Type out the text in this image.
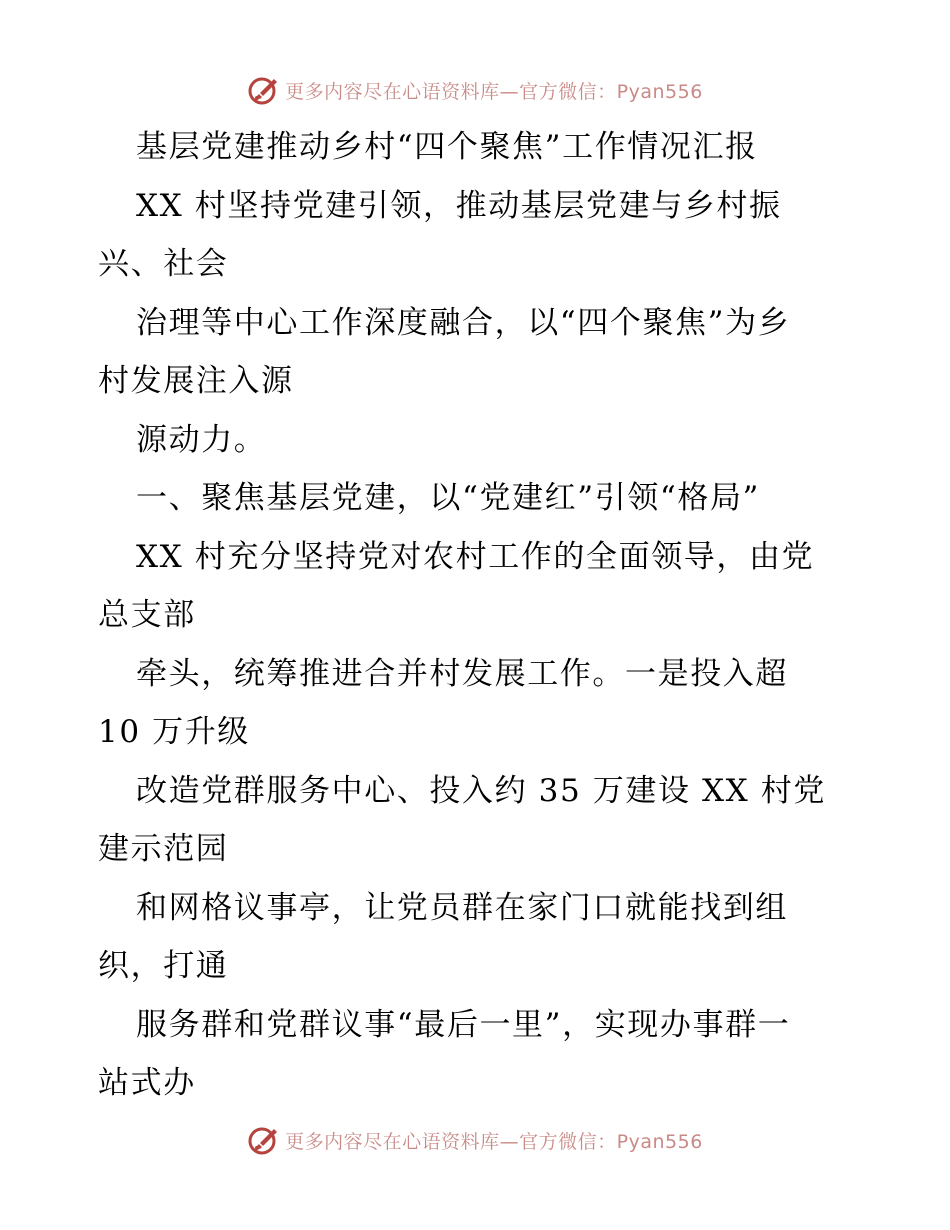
更多内容尽在心语资料库—官方微信：Pyan556
基层党建推动乡村“四个聚焦”工作情况汇报
XX 村坚持党建引领，推动基层党建与乡村振
兴、社会
治理等中心工作深度融合，以“四个聚焦”为乡
村发展注入源
源动力。
一、聚焦基层党建，以“党建红”引领“格局”
XX 村充分坚持党对农村工作的全面领导，由党
总支部
牵头，统筹推进合并村发展工作。一是投入超
10 万升级
改造党群服务中心、投入约 35 万建设 XX 村党
建示范园
和网格议事亭，让党员群在家门口就能找到组
织，打通
服务群和党群议事“最后一里”，实现办事群一
站式办
更多内容尽在心语资料库—官方微信：Pyan556
